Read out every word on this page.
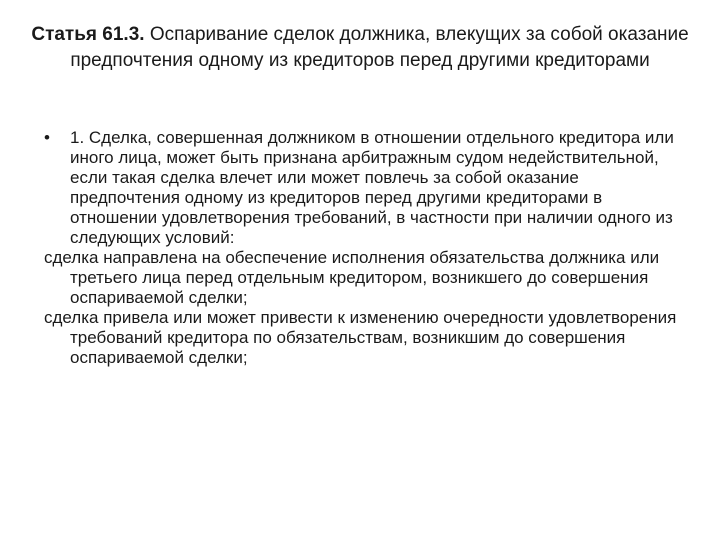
Статья 61.3. Оспаривание сделок должника, влекущих за собой оказание предпочтения одному из кредиторов перед другими кредиторами

•	1. Сделка, совершенная должником в отношении отдельного кредитора или иного лица, может быть признана арбитражным судом недействительной, если такая сделка влечет или может повлечь за собой оказание предпочтения одному из кредиторов перед другими кредиторами в отношении удовлетворения требований, в частности при наличии одного из следующих условий:

сделка направлена на обеспечение исполнения обязательства должника или третьего лица перед отдельным кредитором, возникшего до совершения оспариваемой сделки;

сделка привела или может привести к изменению очередности удовлетворения требований кредитора по обязательствам, возникшим до совершения оспариваемой сделки;
